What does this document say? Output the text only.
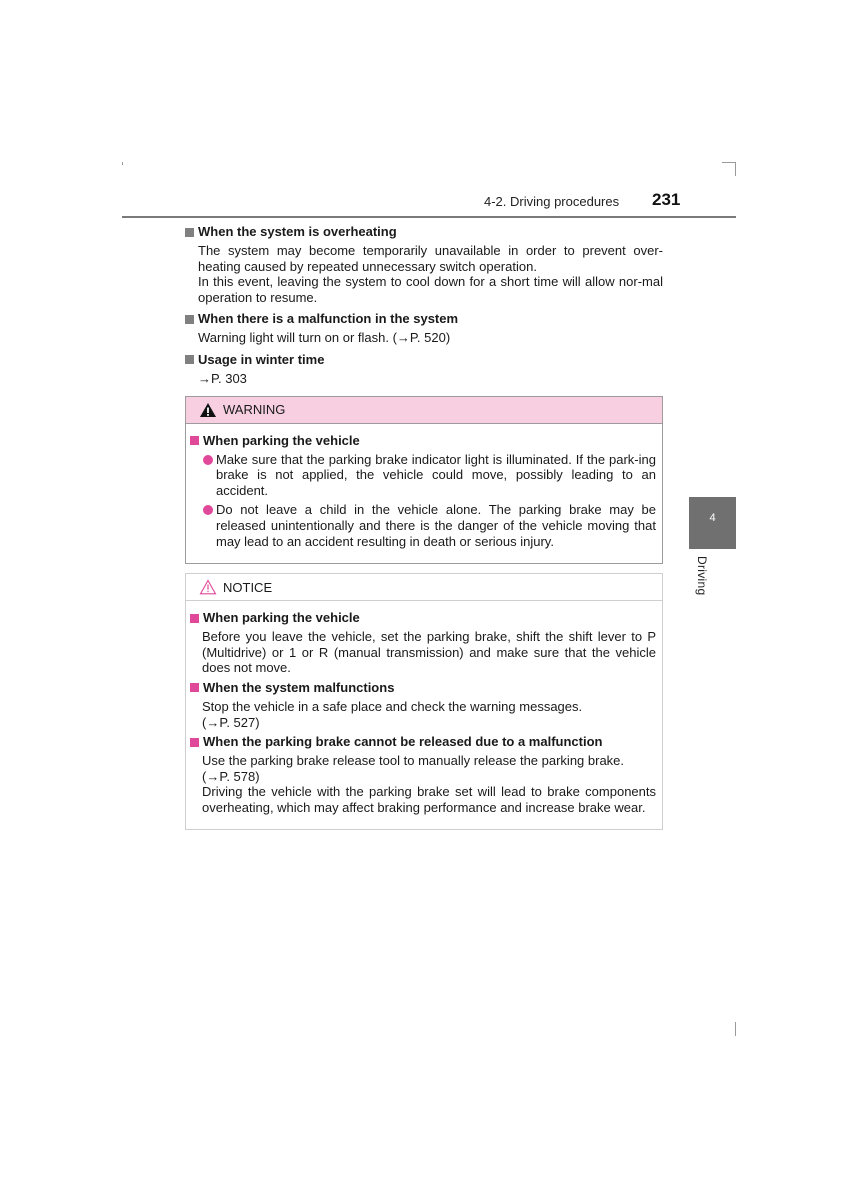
4-2. Driving procedures 231
4
Driving
When the system is overheating
The system may become temporarily unavailable in order to prevent over-heating caused by repeated unnecessary switch operation.
In this event, leaving the system to cool down for a short time will allow nor-mal operation to resume.
When there is a malfunction in the system
Warning light will turn on or flash. (→P. 520)
Usage in winter time
→P. 303
WARNING
When parking the vehicle
Make sure that the parking brake indicator light is illuminated. If the park-ing brake is not applied, the vehicle could move, possibly leading to an accident.
Do not leave a child in the vehicle alone. The parking brake may be released unintentionally and there is the danger of the vehicle moving that may lead to an accident resulting in death or serious injury.
NOTICE
When parking the vehicle
Before you leave the vehicle, set the parking brake, shift the shift lever to P (Multidrive) or 1 or R (manual transmission) and make sure that the vehicle does not move.
When the system malfunctions
Stop the vehicle in a safe place and check the warning messages.
(→P. 527)
When the parking brake cannot be released due to a malfunction
Use the parking brake release tool to manually release the parking brake.
(→P. 578)
Driving the vehicle with the parking brake set will lead to brake components overheating, which may affect braking performance and increase brake wear.
